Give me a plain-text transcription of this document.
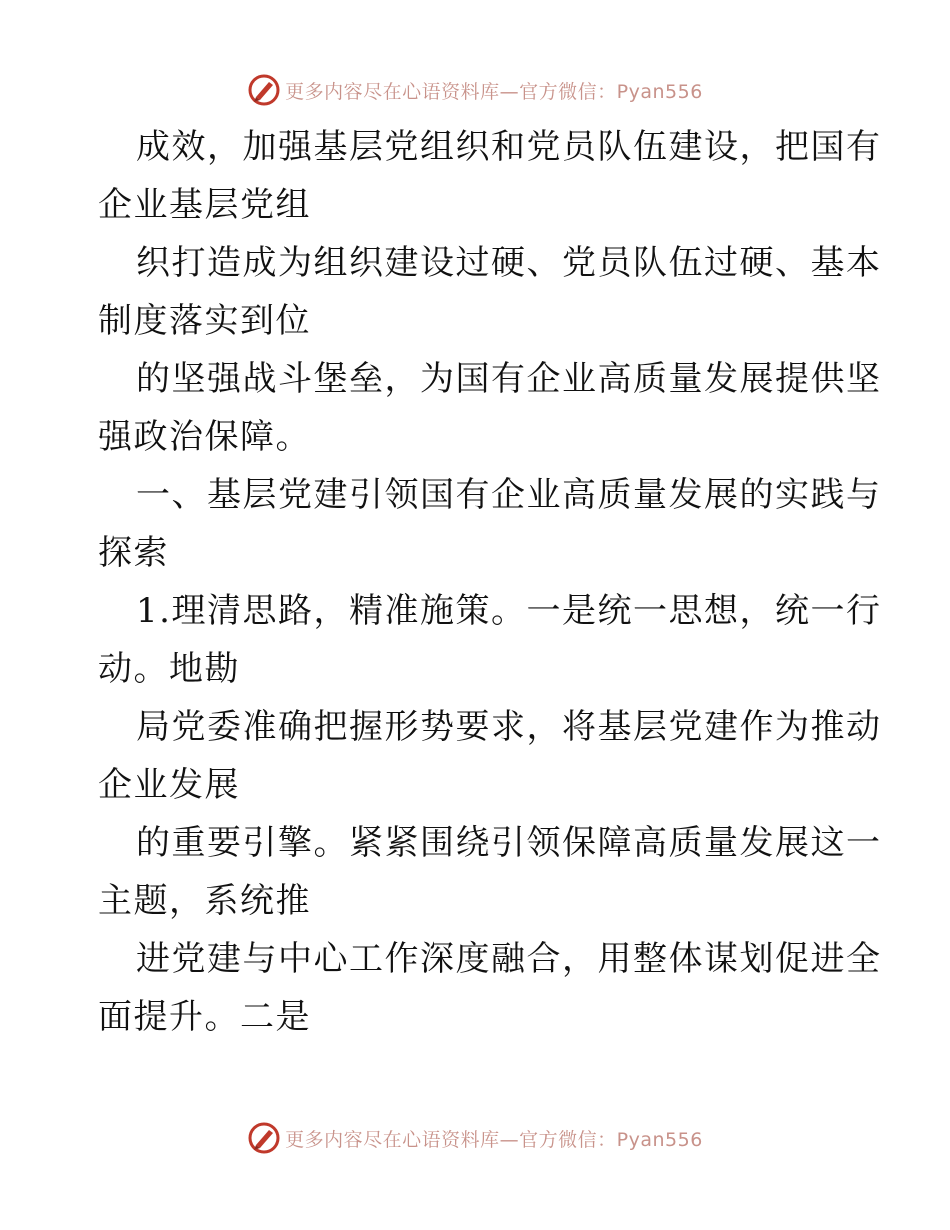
更多内容尽在心语资料库—官方微信：Pyan556
成效，加强基层党组织和党员队伍建设，把国有
企业基层党组
织打造成为组织建设过硬、党员队伍过硬、基本
制度落实到位
的坚强战斗堡垒，为国有企业高质量发展提供坚
强政治保障。
一、基层党建引领国有企业高质量发展的实践与
探索
1.理清思路，精准施策。一是统一思想，统一行
动。地勘
局党委准确把握形势要求，将基层党建作为推动
企业发展
的重要引擎。紧紧围绕引领保障高质量发展这一
主题，系统推
进党建与中心工作深度融合，用整体谋划促进全
面提升。二是
更多内容尽在心语资料库—官方微信：Pyan556
